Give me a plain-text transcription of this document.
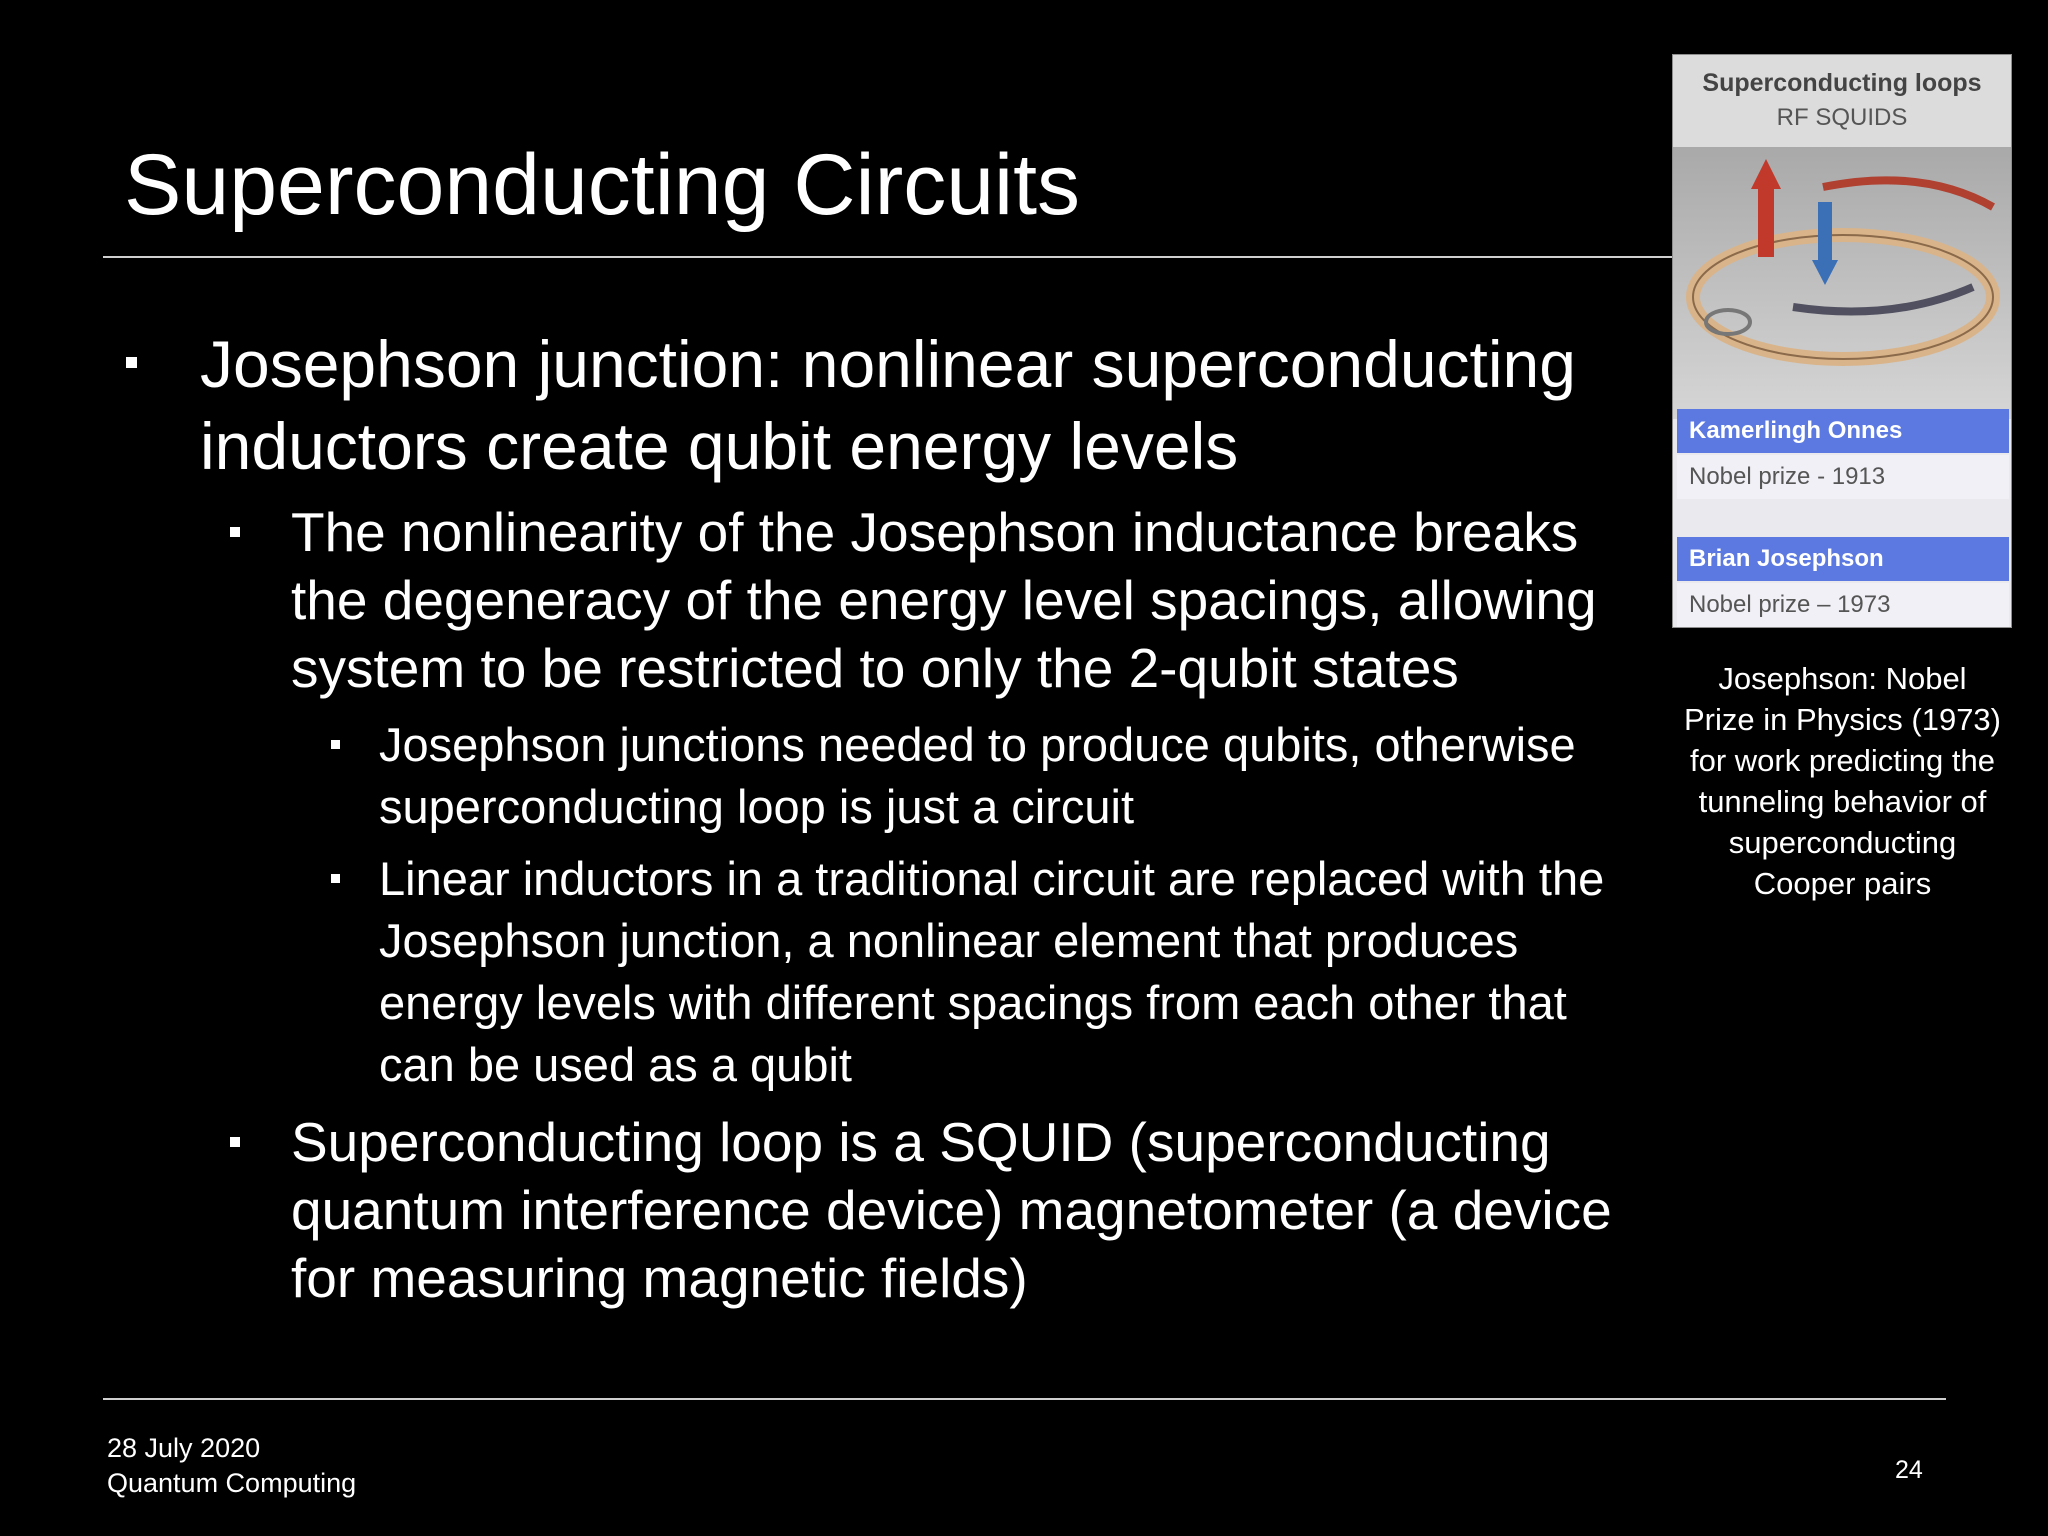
Superconducting Circuits
Josephson junction: nonlinear superconducting inductors create qubit energy levels
The nonlinearity of the Josephson inductance breaks the degeneracy of the energy level spacings, allowing system to be restricted to only the 2-qubit states
Josephson junctions needed to produce qubits, otherwise superconducting loop is just a circuit
Linear inductors in a traditional circuit are replaced with the Josephson junction, a nonlinear element that produces energy levels with different spacings from each other that can be used as a qubit
Superconducting loop is a SQUID (superconducting quantum interference device) magnetometer (a device for measuring magnetic fields)
Superconducting loops
RF SQUIDS
Kamerlingh Onnes
Nobel prize - 1913
Brian Josephson
Nobel prize – 1973

Josephson: Nobel Prize in Physics (1973) for work predicting the tunneling behavior of superconducting Cooper pairs

28 July 2020
Quantum Computing	24
